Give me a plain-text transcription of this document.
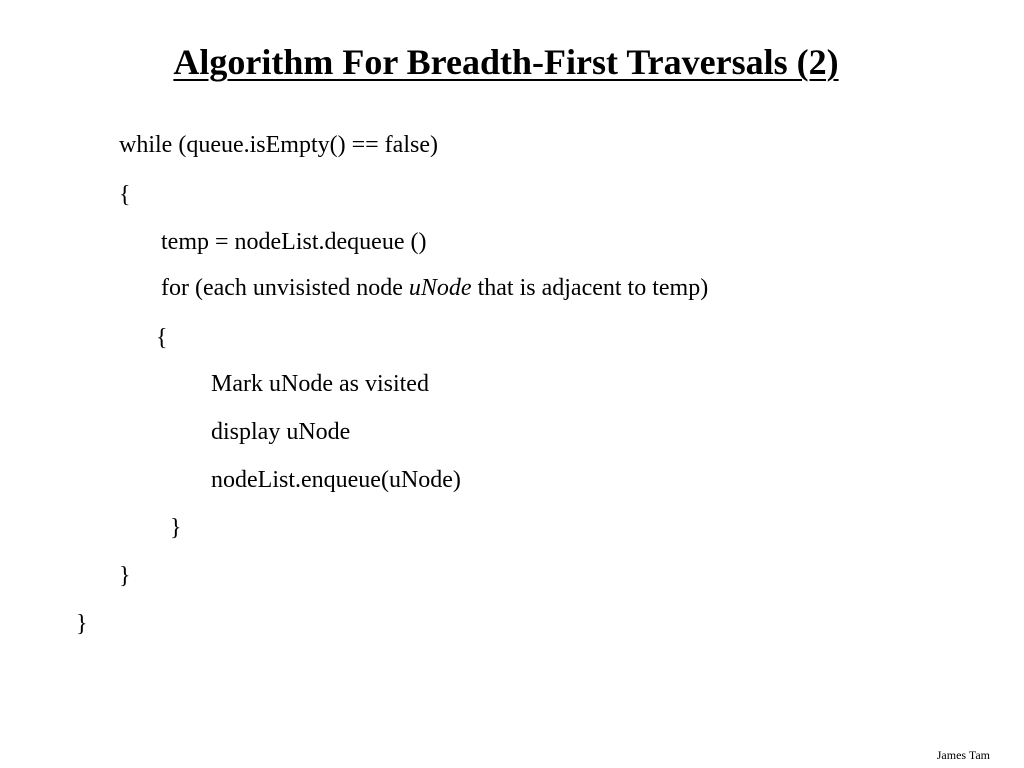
Algorithm For Breadth-First Traversals (2)
while (queue.isEmpty() == false)
{
temp = nodeList.dequeue ()
for (each unvisisted node uNode that is adjacent to temp)
{
Mark uNode as visited
display uNode
nodeList.enqueue(uNode)
}
}
}
James Tam
